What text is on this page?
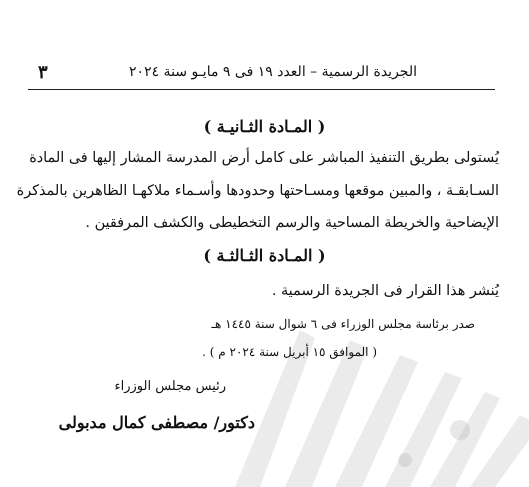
٣	الجريدة الرسمية – العدد ١٩ فى ٩ مايـو سنة ٢٠٢٤
( المـادة الثـانيـة )
يُستولى بطريق التنفيذ المباشر على كامل أرض المدرسة المشار إليها فى المادة
السـابقـة ، والمبين موقعها ومسـاحتها وحدودها وأسـماء ملاكهـا الظاهرين بالمذكرة
الإيضاحية والخريطة المساحية والرسم التخطيطى والكشف المرفقين .
( المـادة الثـالثـة )
يُنشر هذا القرار فى الجريدة الرسمية .
صدر برئاسة مجلس الوزراء فى ٦ شوال سنة ١٤٤٥ هـ
( الموافق ١٥ أبريل سنة ٢٠٢٤ م ) .
رئيس مجلس الوزراء
دكتور/ مصطفى كمال مدبولى
